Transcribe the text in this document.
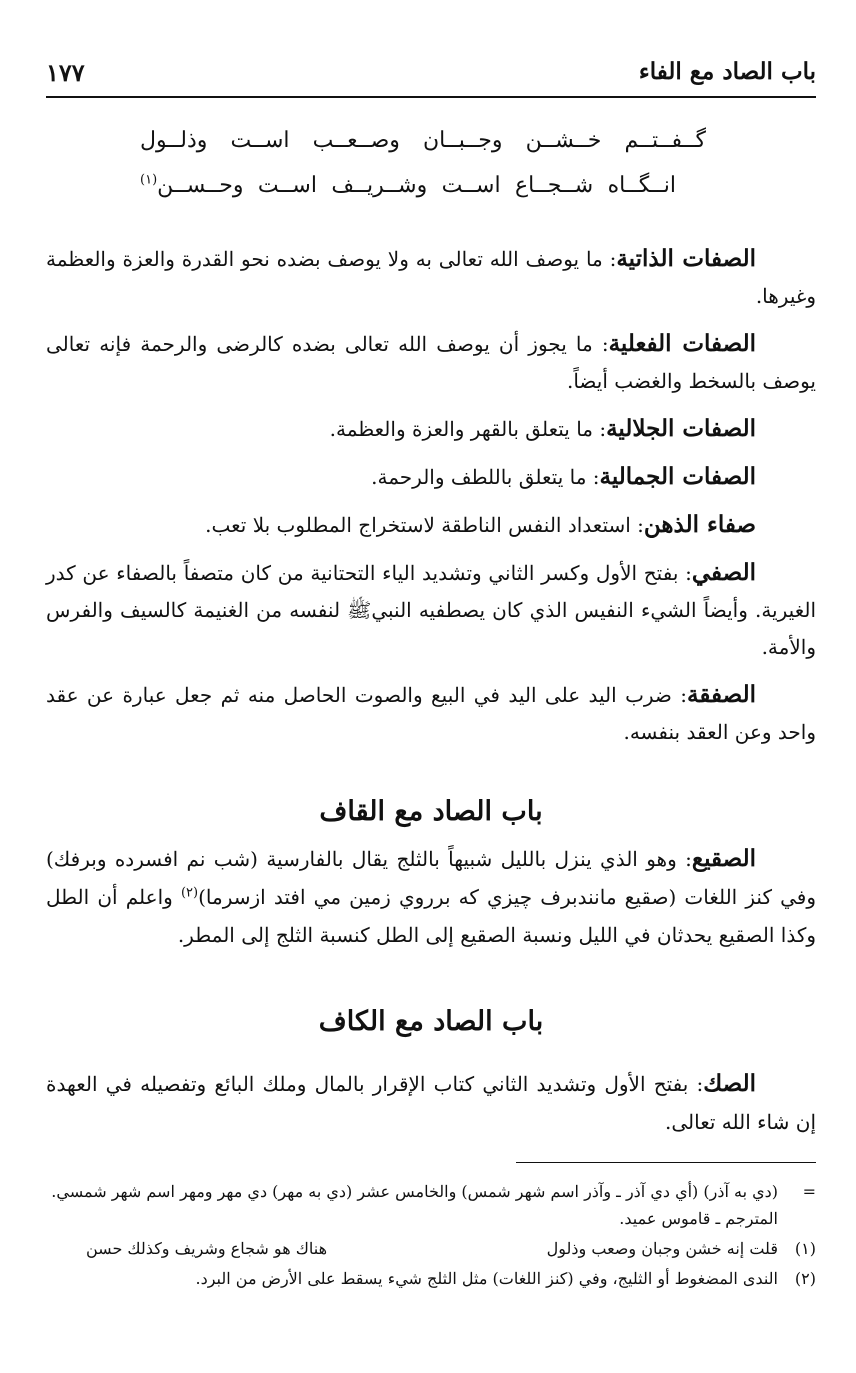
باب الصاد مع الفاء
١٧٧
گــفــتــم خــشــن وجــبــان وصــعــب اســت وذلــول
انــگــاه شــجــاع اســت وشــريــف اســت وحــســن$^{(١)}$

الصفات الذاتية: ما يوصف الله تعالى به ولا يوصف بضده نحو القدرة والعزة والعظمة وغيرها.

الصفات الفعلية: ما يجوز أن يوصف الله تعالى بضده كالرضى والرحمة فإنه تعالى يوصف بالسخط والغضب أيضاً.

الصفات الجلالية: ما يتعلق بالقهر والعزة والعظمة.

الصفات الجمالية: ما يتعلق باللطف والرحمة.

صفاء الذهن: استعداد النفس الناطقة لاستخراج المطلوب بلا تعب.

الصفي: بفتح الأول وكسر الثاني وتشديد الياء التحتانية من كان متصفاً بالصفاء عن كدر الغيرية. وأيضاً الشيء النفيس الذي كان يصطفيه النبيﷺ لنفسه من الغنيمة كالسيف والفرس والأمة.

الصفقة: ضرب اليد على اليد في البيع والصوت الحاصل منه ثم جعل عبارة عن عقد واحد وعن العقد بنفسه.

باب الصاد مع القاف

الصقيع: وهو الذي ينزل بالليل شبيهاً بالثلج يقال بالفارسية (شب نم افسرده وبرفك) وفي كنز اللغات (صقيع مانندبرف چيزي كه برروي زمين مي افتد ازسرما)$^{(٢)}$ واعلم أن الطل وكذا الصقيع يحدثان في الليل ونسبة الصقيع إلى الطل كنسبة الثلج إلى المطر.

باب الصاد مع الكاف

الصك: بفتح الأول وتشديد الثاني كتاب الإقرار بالمال وملك البائع وتفصيله في العهدة إن شاء الله تعالى.

=
(دي به آذر) (أي دي آذر ـ وآذر اسم شهر شمس) والخامس عشر (دي به مهر) دي مهر ومهر اسم شهر شمسي. المترجم ـ قاموس عميد.
(١)
قلت إنه خشن وجبان وصعب وذلول
هناك هو شجاع وشريف وكذلك حسن
(٢)
الندى المضغوط أو الثليج، وفي (كنز اللغات) مثل الثلج شيء يسقط على الأرض من البرد.
